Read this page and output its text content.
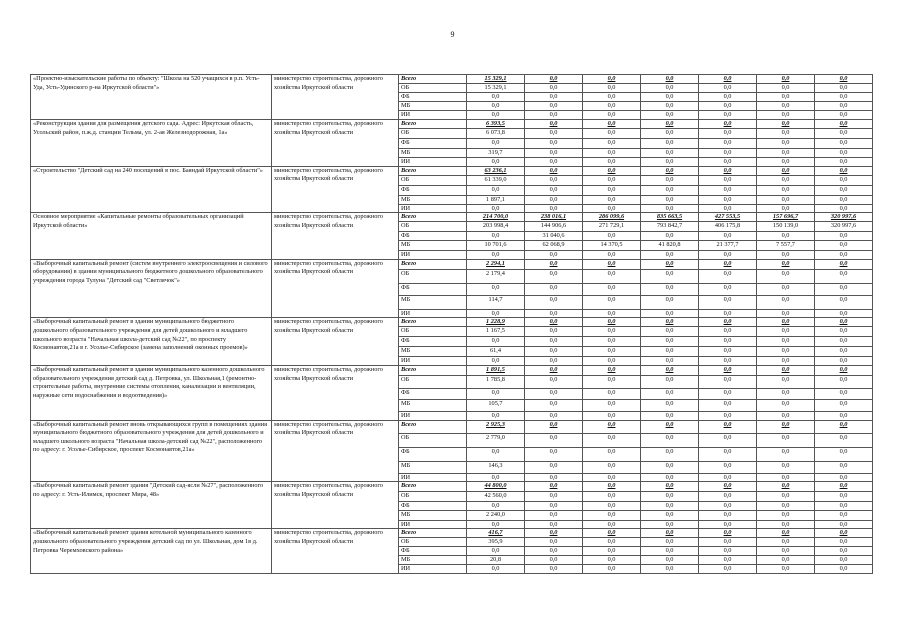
9
«Проектно-изыскательские работы по объекту: "Школа на 520 учащихся в р.п. Усть-Уда, Усть-Удинского р-на Иркутской области"»	министерство строительства, дорожного хозяйства Иркутской области	Всего	15 329,1	0,0	0,0	0,0	0,0	0,0	0,0
		ОБ	15 329,1	0,0	0,0	0,0	0,0	0,0	0,0
		ФБ	0,0	0,0	0,0	0,0	0,0	0,0	0,0
		МБ	0,0	0,0	0,0	0,0	0,0	0,0	0,0
		ИИ	0,0	0,0	0,0	0,0	0,0	0,0	0,0
«Реконструкция здания для размещения детского сада. Адрес: Иркутская область, Усольский район, п.ж.д. станции Тельма, ул. 2-ая Железнодорожная, 1а»	министерство строительства, дорожного хозяйства Иркутской области	Всего	6 393,5	0,0	0,0	0,0	0,0	0,0	0,0
		ОБ	6 073,8	0,0	0,0	0,0	0,0	0,0	0,0
		ФБ	0,0	0,0	0,0	0,0	0,0	0,0	0,0
		МБ	319,7	0,0	0,0	0,0	0,0	0,0	0,0
		ИИ	0,0	0,0	0,0	0,0	0,0	0,0	0,0
«Строительство "Детский сад на 240 посещений в пос. Баяндай Иркутской области"»	министерство строительства, дорожного хозяйства Иркутской области	Всего	63 236,1	0,0	0,0	0,0	0,0	0,0	0,0
		ОБ	61 339,0	0,0	0,0	0,0	0,0	0,0	0,0
		ФБ	0,0	0,0	0,0	0,0	0,0	0,0	0,0
		МБ	1 897,1	0,0	0,0	0,0	0,0	0,0	0,0
		ИИ	0,0	0,0	0,0	0,0	0,0	0,0	0,0
Основное мероприятие «Капитальные ремонты образовательных организаций Иркутской области»	министерство строительства, дорожного хозяйства Иркутской области	Всего	214 700,0	238 016,1	286 099,6	835 663,5	427 553,5	157 696,7	320 997,6
		ОБ	203 998,4	144 906,6	271 729,1	793 842,7	406 175,8	150 139,0	320 997,6
		ФБ	0,0	31 040,6	0,0	0,0	0,0	0,0	0,0
		МБ	10 701,6	62 068,9	14 370,5	41 820,8	21 377,7	7 557,7	0,0
		ИИ	0,0	0,0	0,0	0,0	0,0	0,0	0,0
«Выборочный капитальный ремонт (систем внутреннего электроосвещения и силового оборудования) в здании муниципального бюджетного дошкольного образовательного учреждения города Тулуна "Детский сад "Светлячок"»	министерство строительства, дорожного хозяйства Иркутской области	Всего	2 294,1	0,0	0,0	0,0	0,0	0,0	0,0
		ОБ	2 179,4	0,0	0,0	0,0	0,0	0,0	0,0
		ФБ	0,0	0,0	0,0	0,0	0,0	0,0	0,0
		МБ	114,7	0,0	0,0	0,0	0,0	0,0	0,0
		ИИ	0,0	0,0	0,0	0,0	0,0	0,0	0,0
«Выборочный капитальный ремонт в здании муниципального бюджетного дошкольного образовательного учреждения для детей дошкольного и младшего школьного возраста "Начальная школа-детский сад №22", по проспекту Космонавтов,21а в г. Усолье-Сибирское (замена заполнений оконных проемов)»	министерство строительства, дорожного хозяйства Иркутской области	Всего	1 228,9	0,0	0,0	0,0	0,0	0,0	0,0
		ОБ	1 167,5	0,0	0,0	0,0	0,0	0,0	0,0
		ФБ	0,0	0,0	0,0	0,0	0,0	0,0	0,0
		МБ	61,4	0,0	0,0	0,0	0,0	0,0	0,0
		ИИ	0,0	0,0	0,0	0,0	0,0	0,0	0,0
«Выборочный капитальный ремонт в здании муниципального казенного дошкольного образовательного учреждения детский сад д. Петровка, ул. Школьная,1 (ремонтно-строительные работы, внутренние системы отопления, канализации и вентиляции, наружные сети водоснабжения и водоотведения)»	министерство строительства, дорожного хозяйства Иркутской области	Всего	1 891,5	0,0	0,0	0,0	0,0	0,0	0,0
		ОБ	1 785,8	0,0	0,0	0,0	0,0	0,0	0,0
		ФБ	0,0	0,0	0,0	0,0	0,0	0,0	0,0
		МБ	105,7	0,0	0,0	0,0	0,0	0,0	0,0
		ИИ	0,0	0,0	0,0	0,0	0,0	0,0	0,0
«Выборочный капитальный ремонт вновь открывающихся групп в помещениях здания муниципального бюджетного образовательного учреждения для детей дошкольного и младшего школьного возраста "Начальная школа-детский сад №22", расположенного по адресу: г. Усолье-Сибирское, проспект Космонавтов,21а»	министерство строительства, дорожного хозяйства Иркутской области	Всего	2 925,3	0,0	0,0	0,0	0,0	0,0	0,0
		ОБ	2 779,0	0,0	0,0	0,0	0,0	0,0	0,0
		ФБ	0,0	0,0	0,0	0,0	0,0	0,0	0,0
		МБ	146,3	0,0	0,0	0,0	0,0	0,0	0,0
		ИИ	0,0	0,0	0,0	0,0	0,0	0,0	0,0
«Выборочный капитальный ремонт здания "Детский сад-ясли №27", расположенного по адресу: г. Усть-Илимск, проспект Мира, 48»	министерство строительства, дорожного хозяйства Иркутской области	Всего	44 800,0	0,0	0,0	0,0	0,0	0,0	0,0
		ОБ	42 560,0	0,0	0,0	0,0	0,0	0,0	0,0
		ФБ	0,0	0,0	0,0	0,0	0,0	0,0	0,0
		МБ	2 240,0	0,0	0,0	0,0	0,0	0,0	0,0
		ИИ	0,0	0,0	0,0	0,0	0,0	0,0	0,0
«Выборочный капитальный ремонт здания котельной муниципального казенного дошкольного образовательного учреждения детский сад по ул. Школьная, дом 1в д. Петровка Черемховского района»	министерство строительства, дорожного хозяйства Иркутской области	Всего	416,7	0,0	0,0	0,0	0,0	0,0	0,0
		ОБ	395,9	0,0	0,0	0,0	0,0	0,0	0,0
		ФБ	0,0	0,0	0,0	0,0	0,0	0,0	0,0
		МБ	20,8	0,0	0,0	0,0	0,0	0,0	0,0
		ИИ	0,0	0,0	0,0	0,0	0,0	0,0	0,0
